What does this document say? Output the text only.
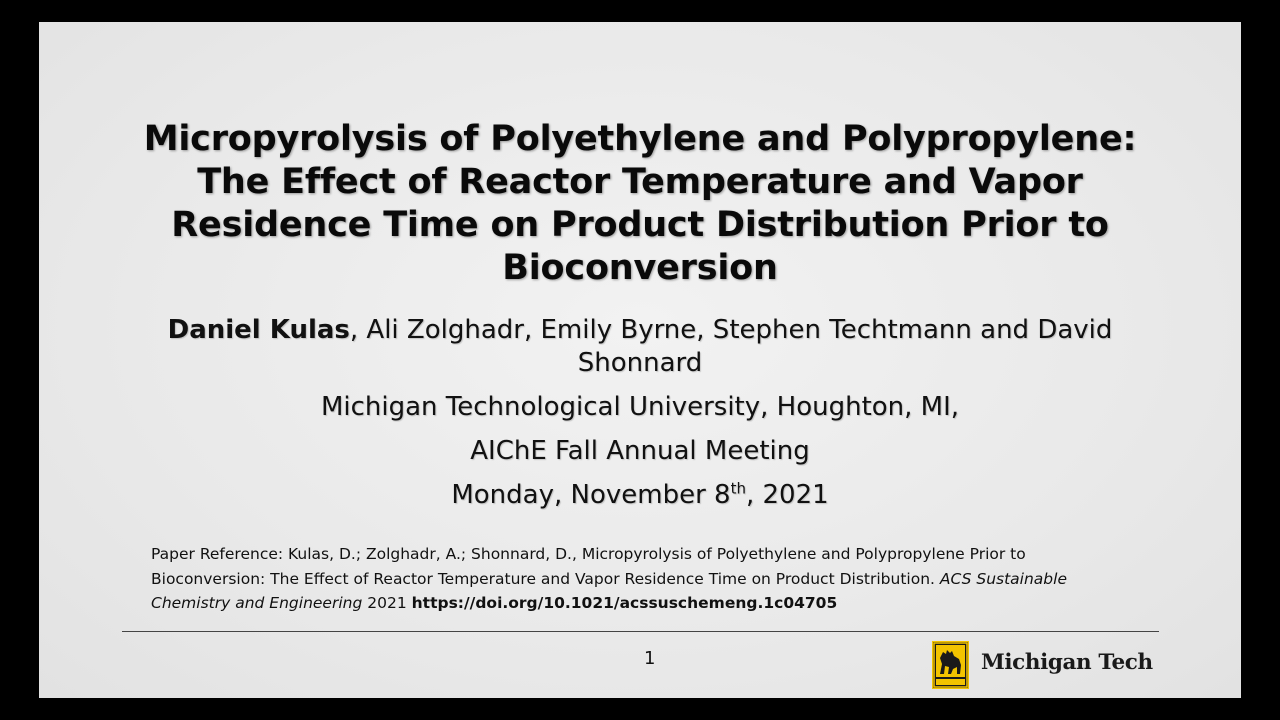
Micropyrolysis of Polyethylene and Polypropylene:
The Effect of Reactor Temperature and Vapor
Residence Time on Product Distribution Prior to
Bioconversion
Daniel Kulas, Ali Zolghadr, Emily Byrne, Stephen Techtmann and David Shonnard
Michigan Technological University, Houghton, MI,
AIChE Fall Annual Meeting
Monday, November 8th, 2021
Paper Reference: Kulas, D.; Zolghadr, A.; Shonnard, D., Micropyrolysis of Polyethylene and Polypropylene Prior to Bioconversion: The Effect of Reactor Temperature and Vapor Residence Time on Product Distribution. ACS Sustainable Chemistry and Engineering 2021 https://doi.org/10.1021/acssuschemeng.1c04705
1	Michigan Tech
